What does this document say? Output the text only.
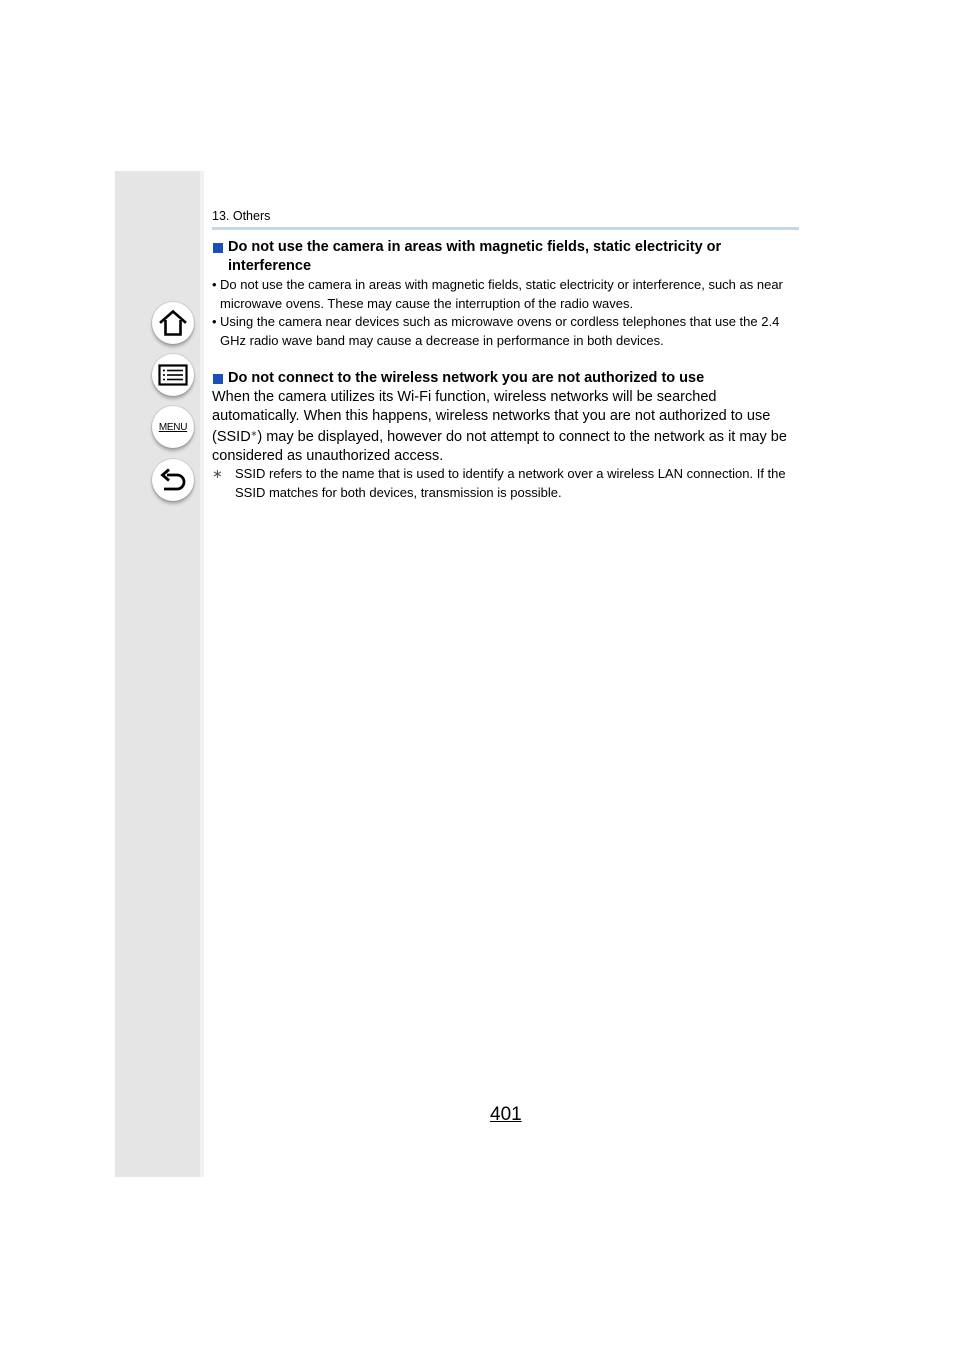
MENU
13. Others
Do not use the camera in areas with magnetic fields, static electricity or interference
• Do not use the camera in areas with magnetic fields, static electricity or interference, such as near microwave ovens. These may cause the interruption of the radio waves.
• Using the camera near devices such as microwave ovens or cordless telephones that use the 2.4 GHz radio wave band may cause a decrease in performance in both devices.
Do not connect to the wireless network you are not authorized to use
When the camera utilizes its Wi-Fi function, wireless networks will be searched automatically. When this happens, wireless networks that you are not authorized to use (SSID∗) may be displayed, however do not attempt to connect to the network as it may be considered as unauthorized access.
∗ SSID refers to the name that is used to identify a network over a wireless LAN connection. If the SSID matches for both devices, transmission is possible.
401
